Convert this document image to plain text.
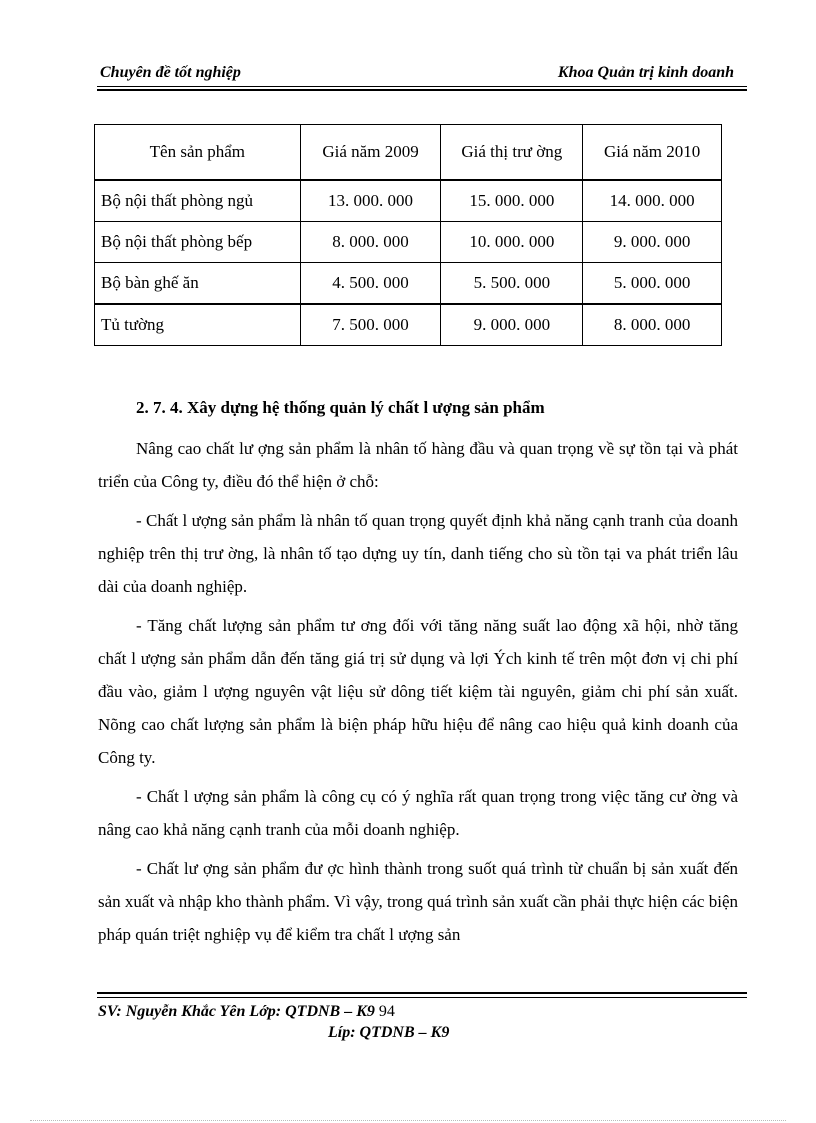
Chuyên đề tốt nghiệp	Khoa Quản trị kinh doanh
Tên sản phẩm	Giá năm 2009	Giá thị trư ờng	Giá năm 2010
Bộ nội thất phòng ngủ	13. 000. 000	15. 000. 000	14. 000. 000
Bộ nội thất phòng bếp	8. 000. 000	10. 000. 000	9. 000. 000
Bộ bàn ghế ăn	4. 500. 000	5. 500. 000	5. 000. 000
Tủ tường	7. 500. 000	9. 000. 000	8. 000. 000
2. 7. 4. Xây dựng hệ thống quản lý chất l ượng sản phẩm

Nâng cao chất lư ợng sản phẩm là nhân tố hàng đầu và quan trọng về sự tồn tại và phát triển của Công ty, điều đó thể hiện ở chỗ:

- Chất l ượng sản phẩm là nhân tố quan trọng quyết định khả năng cạnh tranh của doanh nghiệp trên thị trư ờng, là nhân tố tạo dựng uy tín, danh tiếng cho sù tồn tại va phát triển lâu dài của doanh nghiệp.

- Tăng chất lượng sản phẩm tư ơng đối với tăng năng suất lao động xã hội, nhờ tăng chất l ượng sản phẩm dẫn đến tăng giá trị sử dụng và lợi Ých kinh tế trên một đơn vị chi phí đầu vào, giảm l ượng nguyên vật liệu sử dông tiết kiệm tài nguyên, giảm chi phí sản xuất. Nõng cao chất lượng sản phẩm là biện pháp hữu hiệu để nâng cao hiệu quả kinh doanh của Công ty.

- Chất l ượng sản phẩm là công cụ có ý nghĩa rất quan trọng trong việc tăng cư ờng và nâng cao khả năng cạnh tranh của mỗi doanh nghiệp.

- Chất lư ợng sản phẩm đư ợc hình thành trong suốt quá trình từ chuẩn bị sản xuất đến sản xuất và nhập kho thành phẩm. Vì vậy, trong quá trình sản xuất cần phải thực hiện các biện pháp quán triệt nghiệp vụ để kiểm tra chất l ượng sản

SV: Nguyễn Khắc Yên Lớp: QTDNB – K9 94
Líp: QTDNB – K9
